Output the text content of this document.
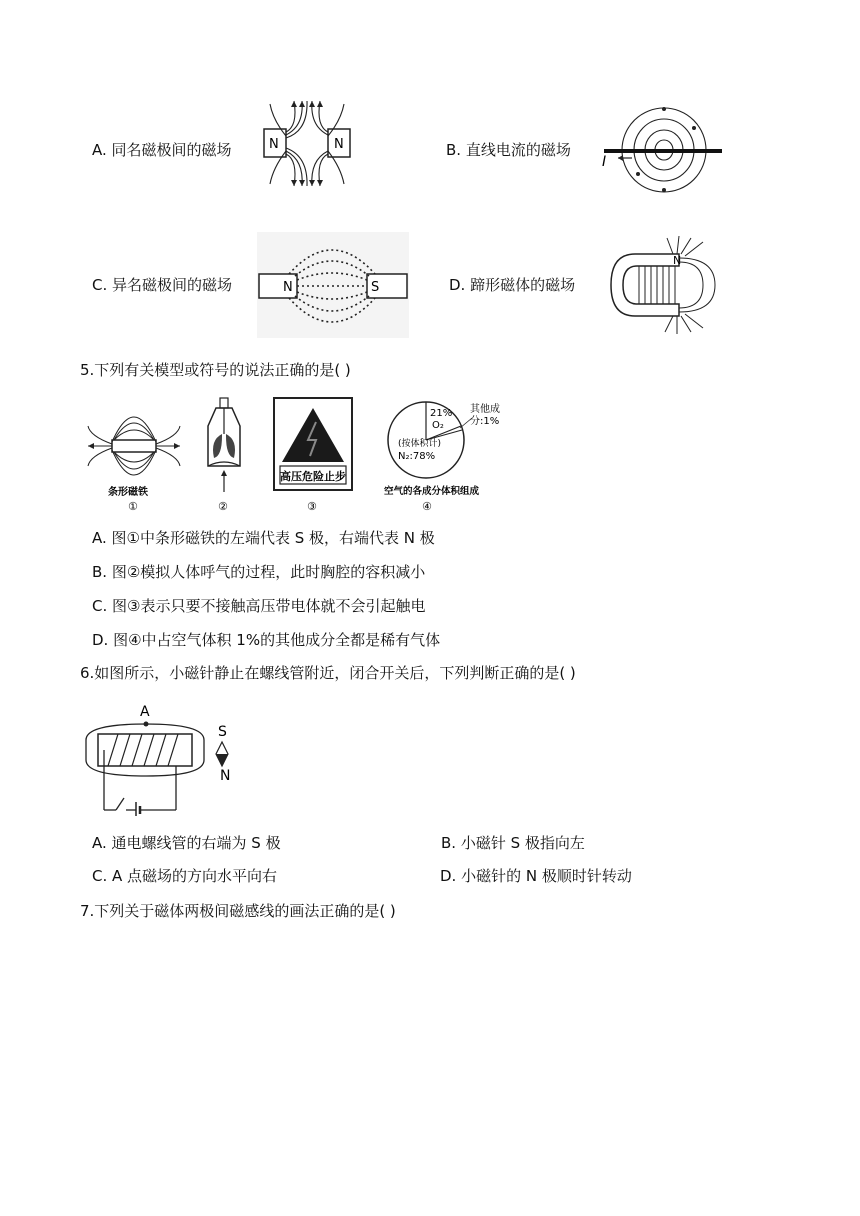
A. 同名磁极间的磁场	B. 直线电流的磁场
C. 异名磁极间的磁场	D. 蹄形磁体的磁场
N	N
I
N	S
N
5.下列有关模型或符号的说法正确的是( )
条形磁铁
①	②
高压危险止步
③
21%
O₂
其他成
分:1%
(按体积计)
N₂:78%
空气的各成分体积组成
④
A. 图①中条形磁铁的左端代表 S 极，右端代表 N 极
B. 图②模拟人体呼气的过程，此时胸腔的容积减小
C. 图③表示只要不接触高压带电体就不会引起触电
D. 图④中占空气体积 1%的其他成分全都是稀有气体
6.如图所示，小磁针静止在螺线管附近，闭合开关后，下列判断正确的是( )
A
S
N
A. 通电螺线管的右端为 S 极	B. 小磁针 S 极指向左
C. A 点磁场的方向水平向右	D. 小磁针的 N 极顺时针转动
7.下列关于磁体两极间磁感线的画法正确的是( )
